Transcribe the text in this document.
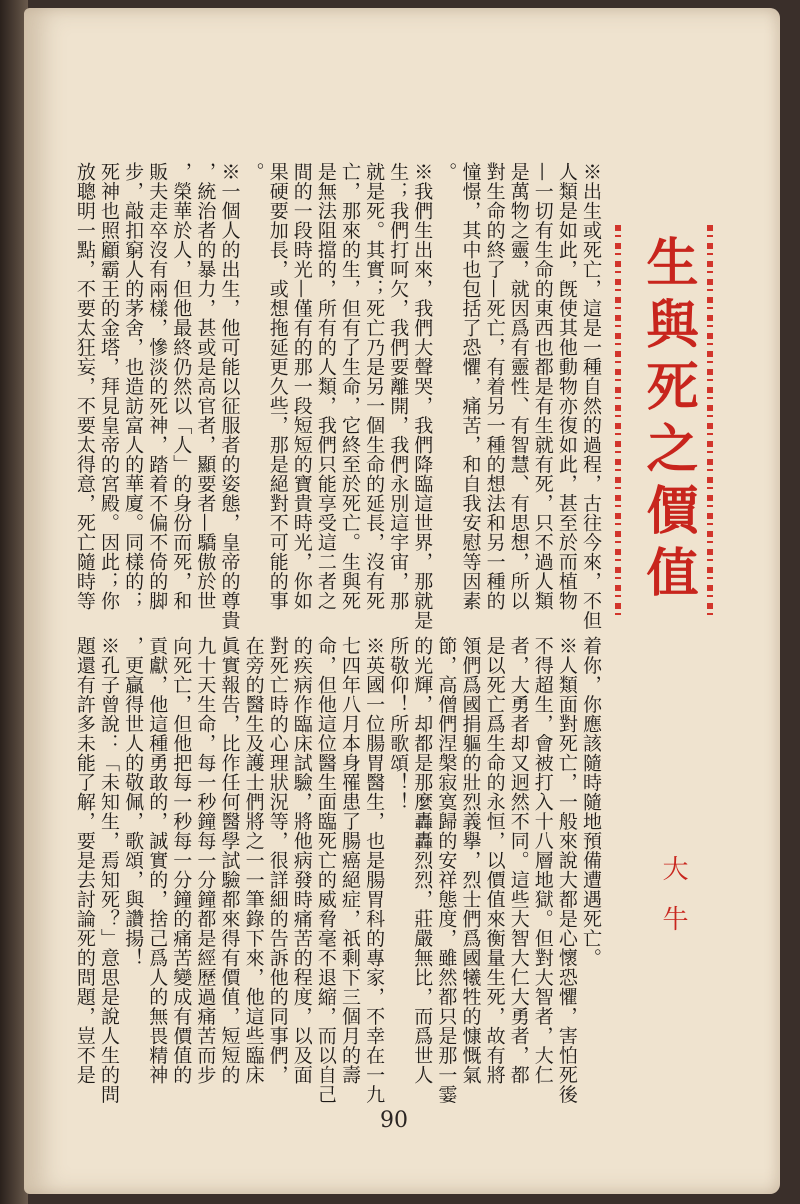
生與死之價值
大牛
90
※出生或死亡，這是一種自然的過程，古往今來，不但
人類是如此，旣使其他動物亦復如此，甚至於而植物
—一切有生命的東西也都是有生就有死，只不過人類
是萬物之靈，就因爲有靈性、有智慧、有思想，所以
對生命的終了—死亡，有着另一種的想法和另一種的
憧憬，其中也包括了恐懼，痛苦，和自我安慰等因素
。
※我們生出來，我們大聲哭，我們降臨這世界，那就是
生；我們打呵欠，我們要離開，我們永別這宇宙，那
就是死。其實；死亡乃是另一個生命的延長，沒有死
亡，那來的生，但有了生命，它終至於死亡。生與死
是無法阻擋的，所有的人類，我們只能享受這二者之
間的一段時光—僅有的那一段短短的寶貴時光，你如
果硬要加長，或想拖延更久些，那是絕對不可能的事
。
※一個人的出生，他可能以征服者的姿態，皇帝的尊貴
，統治者的暴力，甚或是高官者，顯要者—驕傲於世
，榮華於人，但他最終仍然以「人」的身份而死，和
販夫走卒沒有兩樣，慘淡的死神，踏着不偏不倚的脚
步，敲扣窮人的茅舍，也造訪富人的華廈。同樣的；
死神也照顧霸王的金塔，拜見皇帝的宮殿。因此；你
放聰明一點，不要太狂妄，不要太得意，死亡隨時等
着你，你應該隨時隨地預備遭遇死亡。
※人類面對死亡，一般來說大都是心懷恐懼，害怕死後
不得超生，會被打入十八層地獄。但對大智者，大仁
者，大勇者却又迥然不同。這些大智大仁大勇者，都
是以死亡爲生命的永恒，以價值來衡量生死，故有將
領們爲國捐軀的壯烈義擧，烈士們爲國犧牲的慷慨氣
節，高僧們涅槃寂寞歸的安祥態度，雖然都只是那一霎
的光輝，却都是那麼轟轟烈烈，莊嚴無比，而爲世人
所敬仰！所歌頌！！
※英國一位腸胃醫生，也是腸胃科的專家，不幸在一九
七四年八月本身罹患了腸癌絕症，祇剩下三個月的壽
命，但他這位醫生面臨死亡的威脅毫不退縮，而以自己
的疾病作臨床試驗，將他病發時痛苦的程度，以及面
對死亡時的心理狀況等，很詳細的告訴他的同事們，
在旁的醫生及護士們將之一一筆錄下來，他這些臨床
眞實報告，比作任何醫學試驗都來得有價值，短短的
九十天生命，每一秒鐘每一分鐘都是經歷過痛苦而步
向死亡，但他把每一秒每一分鐘的痛苦變成有價值的
貢獻，他這種勇敢的，誠實的，捨己爲人的無畏精神
，更贏得世人的敬佩，歌頌，與讚揚！
※孔子曾說：「未知生，焉知死？」意思是說人生的問
題還有許多未能了解，要是去討論死的問題，豈不是
